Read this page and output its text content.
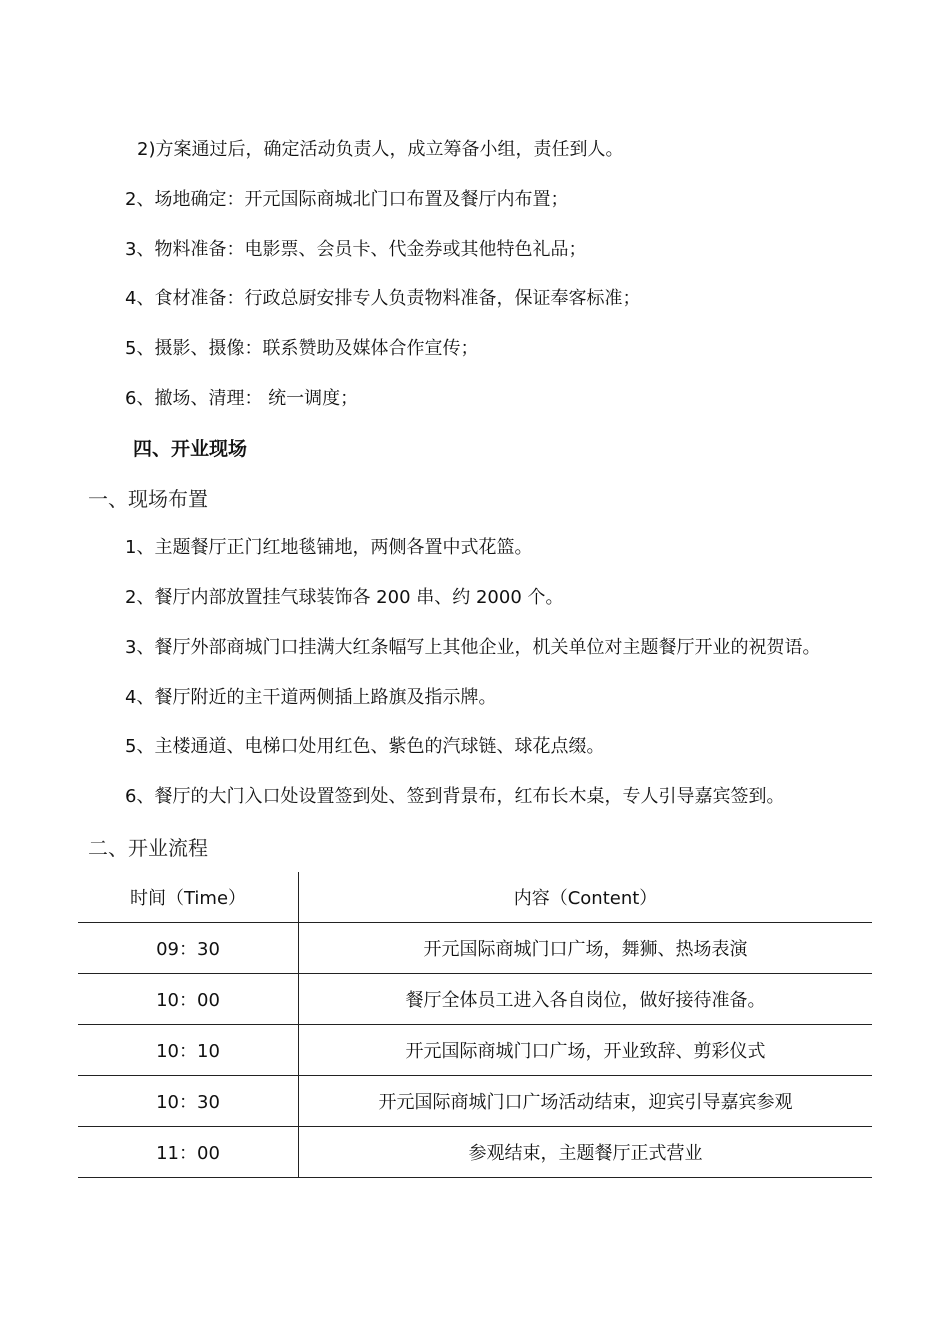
2)方案通过后，确定活动负责人，成立筹备小组，责任到人。
2、场地确定：开元国际商城北门口布置及餐厅内布置；
3、物料准备：电影票、会员卡、代金券或其他特色礼品；
4、食材准备：行政总厨安排专人负责物料准备，保证奉客标准；
5、摄影、摄像：联系赞助及媒体合作宣传；
6、撤场、清理： 统一调度；
四、开业现场
一、现场布置
1、主题餐厅正门红地毯铺地，两侧各置中式花篮。
2、餐厅内部放置挂气球装饰各 200 串、约 2000 个。
3、餐厅外部商城门口挂满大红条幅写上其他企业，机关单位对主题餐厅开业的祝贺语。
4、餐厅附近的主干道两侧插上路旗及指示牌。
5、主楼通道、电梯口处用红色、紫色的汽球链、球花点缀。
6、餐厅的大门入口处设置签到处、签到背景布，红布长木桌，专人引导嘉宾签到。
二、开业流程
时间（Time）	内容（Content）
09：30	开元国际商城门口广场，舞狮、热场表演
10：00	餐厅全体员工进入各自岗位，做好接待准备。
10：10	开元国际商城门口广场，开业致辞、剪彩仪式
10：30	开元国际商城门口广场活动结束，迎宾引导嘉宾参观
11：00	参观结束，主题餐厅正式营业
